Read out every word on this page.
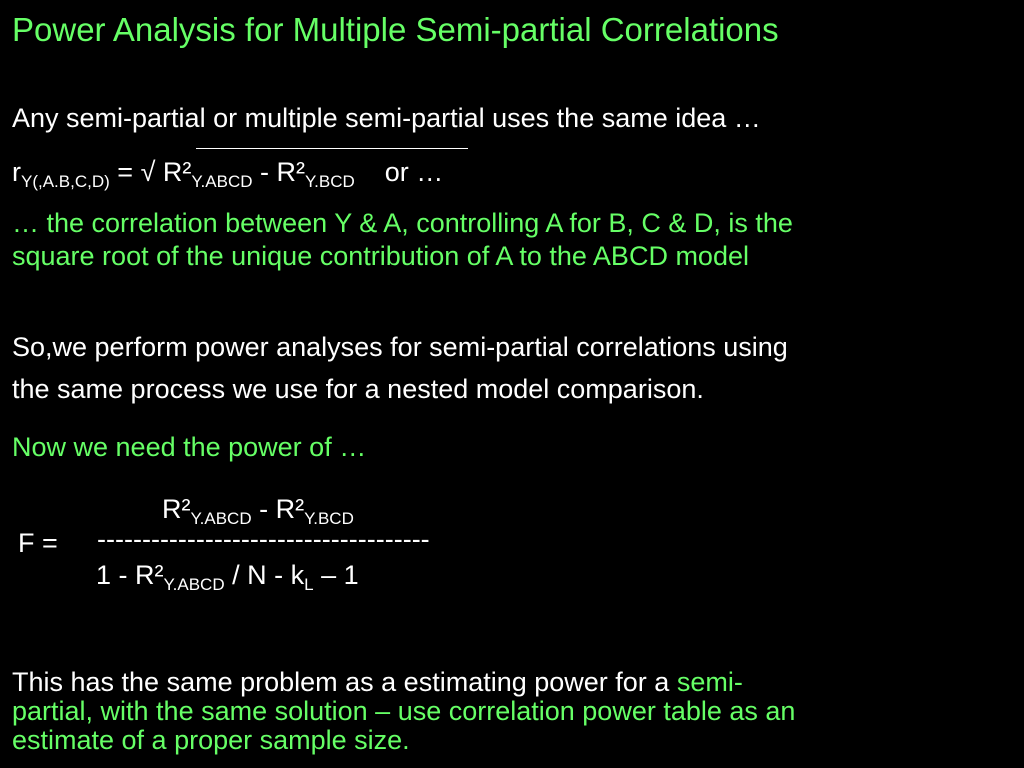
Power Analysis for Multiple Semi-partial Correlations
Any semi-partial or multiple semi-partial uses the same idea …
$r_{Y(,A.B,C,D)}$ = √ $R^2_{Y.ABCD} - R^2_{Y.BCD}$ or …
… the correlation between Y & A, controlling A for B, C & D, is the
square root of the unique contribution of A to the ABCD model
So,we perform power analyses for semi-partial correlations using
the same process we use for a nested model comparison.
Now we need the power of …
$R^2_{Y.ABCD} - R^2_{Y.BCD}$
F = -------------------------------------
$1 - R^2_{Y.ABCD}$ / N - $k_L - 1$
This has the same problem as a estimating power for a semi-
partial, with the same solution – use correlation power table as an
estimate of a proper sample size.
